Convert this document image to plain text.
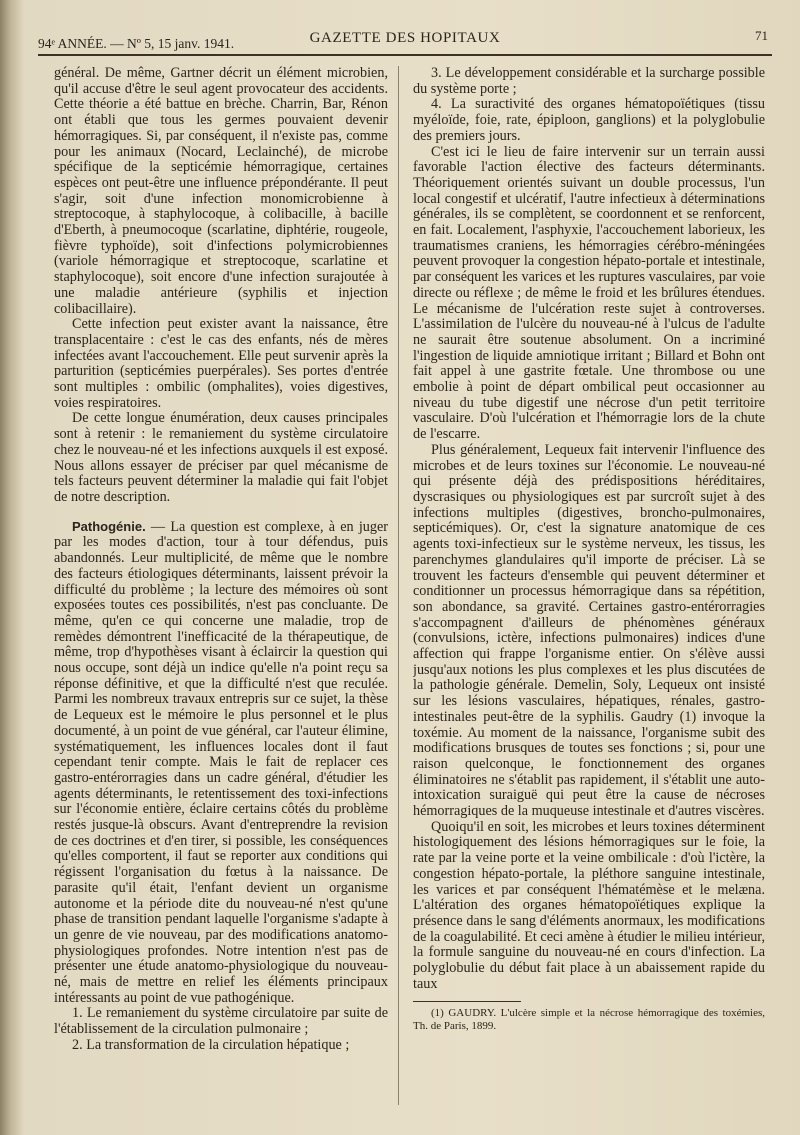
94ᵉ ANNÉE. — Nº 5, 15 janv. 1941.	GAZETTE DES HOPITAUX	71

général. De même, Gartner décrit un élément microbien, qu'il accuse d'être le seul agent provocateur des accidents. Cette théorie a été battue en brèche. Charrin, Bar, Rénon ont établi que tous les germes pouvaient devenir hémorragiques. Si, par conséquent, il n'existe pas, comme pour les animaux (Nocard, Leclainché), de microbe spécifique de la septicémie hémorragique, certaines espèces ont peut-être une influence prépondérante. Il peut s'agir, soit d'une infection monomicrobienne à streptocoque, à staphylocoque, à colibacille, à bacille d'Eberth, à pneumocoque (scarlatine, diphtérie, rougeole, fièvre typhoïde), soit d'infections polymicrobiennes (variole hémorragique et streptocoque, scarlatine et staphylocoque), soit encore d'une infection surajoutée à une maladie antérieure (syphilis et injection colibacillaire).

Cette infection peut exister avant la naissance, être transplacentaire : c'est le cas des enfants, nés de mères infectées avant l'accouchement. Elle peut survenir après la parturition (septicémies puerpérales). Ses portes d'entrée sont multiples : ombilic (omphalites), voies digestives, voies respiratoires.

De cette longue énumération, deux causes principales sont à retenir : le remaniement du système circulatoire chez le nouveau-né et les infections auxquels il est exposé. Nous allons essayer de préciser par quel mécanisme de tels facteurs peuvent déterminer la maladie qui fait l'objet de notre description.

Pathogénie. — La question est complexe, à en juger par les modes d'action, tour à tour défendus, puis abandonnés. Leur multiplicité, de même que le nombre des facteurs étiologiques déterminants, laissent prévoir la difficulté du problème ; la lecture des mémoires où sont exposées toutes ces possibilités, n'est pas concluante. De même, qu'en ce qui concerne une maladie, trop de remèdes démontrent l'inefficacité de la thérapeutique, de même, trop d'hypothèses visant à éclaircir la question qui nous occupe, sont déjà un indice qu'elle n'a point reçu sa réponse définitive, et que la difficulté n'est que reculée. Parmi les nombreux travaux entrepris sur ce sujet, la thèse de Lequeux est le mémoire le plus personnel et le plus documenté, à un point de vue général, car l'auteur élimine, systématiquement, les influences locales dont il faut cependant tenir compte. Mais le fait de replacer ces gastro-entérorragies dans un cadre général, d'étudier les agents déterminants, le retentissement des toxi-infections sur l'économie entière, éclaire certains côtés du problème restés jusque-là obscurs. Avant d'entreprendre la revision de ces doctrines et d'en tirer, si possible, les conséquences qu'elles comportent, il faut se reporter aux conditions qui régissent l'organisation du fœtus à la naissance. De parasite qu'il était, l'enfant devient un organisme autonome et la période dite du nouveau-né n'est qu'une phase de transition pendant laquelle l'organisme s'adapte à un genre de vie nouveau, par des modifications anatomo-physiologiques profondes. Notre intention n'est pas de présenter une étude anatomo-physiologique du nouveau-né, mais de mettre en relief les éléments principaux intéressants au point de vue pathogénique.

1. Le remaniement du système circulatoire par suite de l'établissement de la circulation pulmonaire ;

2. La transformation de la circulation hépatique ;

3. Le développement considérable et la surcharge possible du système porte ;

4. La suractivité des organes hématopoïétiques (tissu myéloïde, foie, rate, épiploon, ganglions) et la polyglobulie des premiers jours.

C'est ici le lieu de faire intervenir sur un terrain aussi favorable l'action élective des facteurs déterminants. Théoriquement orientés suivant un double processus, l'un local congestif et ulcératif, l'autre infectieux à déterminations générales, ils se complètent, se coordonnent et se renforcent, en fait. Localement, l'asphyxie, l'accouchement laborieux, les traumatismes craniens, les hémorragies cérébro-méningées peuvent provoquer la congestion hépato-portale et intestinale, par conséquent les varices et les ruptures vasculaires, par voie directe ou réflexe ; de même le froid et les brûlures étendues. Le mécanisme de l'ulcération reste sujet à controverses. L'assimilation de l'ulcère du nouveau-né à l'ulcus de l'adulte ne saurait être soutenue absolument. On a incriminé l'ingestion de liquide amniotique irritant ; Billard et Bohn ont fait appel à une gastrite fœtale. Une thrombose ou une embolie à point de départ ombilical peut occasionner au niveau du tube digestif une nécrose d'un petit territoire vasculaire. D'où l'ulcération et l'hémorragie lors de la chute de l'escarre.

Plus généralement, Lequeux fait intervenir l'influence des microbes et de leurs toxines sur l'économie. Le nouveau-né qui présente déjà des prédispositions héréditaires, dyscrasiques ou physiologiques est par surcroît sujet à des infections multiples (digestives, broncho-pulmonaires, septicémiques). Or, c'est la signature anatomique de ces agents toxi-infectieux sur le système nerveux, les tissus, les parenchymes glandulaires qu'il importe de préciser. Là se trouvent les facteurs d'ensemble qui peuvent déterminer et conditionner un processus hémorragique dans sa répétition, son abondance, sa gravité. Certaines gastro-entérorragies s'accompagnent d'ailleurs de phénomènes généraux (convulsions, ictère, infections pulmonaires) indices d'une affection qui frappe l'organisme entier. On s'élève aussi jusqu'aux notions les plus complexes et les plus discutées de la pathologie générale. Demelin, Soly, Lequeux ont insisté sur les lésions vasculaires, hépatiques, rénales, gastro-intestinales peut-être de la syphilis. Gaudry (1) invoque la toxémie. Au moment de la naissance, l'organisme subit des modifications brusques de toutes ses fonctions ; si, pour une raison quelconque, le fonctionnement des organes éliminatoires ne s'établit pas rapidement, il s'établit une auto-intoxication suraiguë qui peut être la cause de nécroses hémorragiques de la muqueuse intestinale et d'autres viscères.

Quoiqu'il en soit, les microbes et leurs toxines déterminent histologiquement des lésions hémorragiques sur le foie, la rate par la veine porte et la veine ombilicale : d'où l'ictère, la congestion hépato-portale, la pléthore sanguine intestinale, les varices et par conséquent l'hématémèse et le melæna. L'altération des organes hématopoïétiques explique la présence dans le sang d'éléments anormaux, les modifications de la coagulabilité. Et ceci amène à étudier le milieu intérieur, la formule sanguine du nouveau-né en cours d'infection. La polyglobulie du début fait place à un abaissement rapide du taux

(1) GAUDRY. L'ulcère simple et la nécrose hémorragique des toxémies, Th. de Paris, 1899.
